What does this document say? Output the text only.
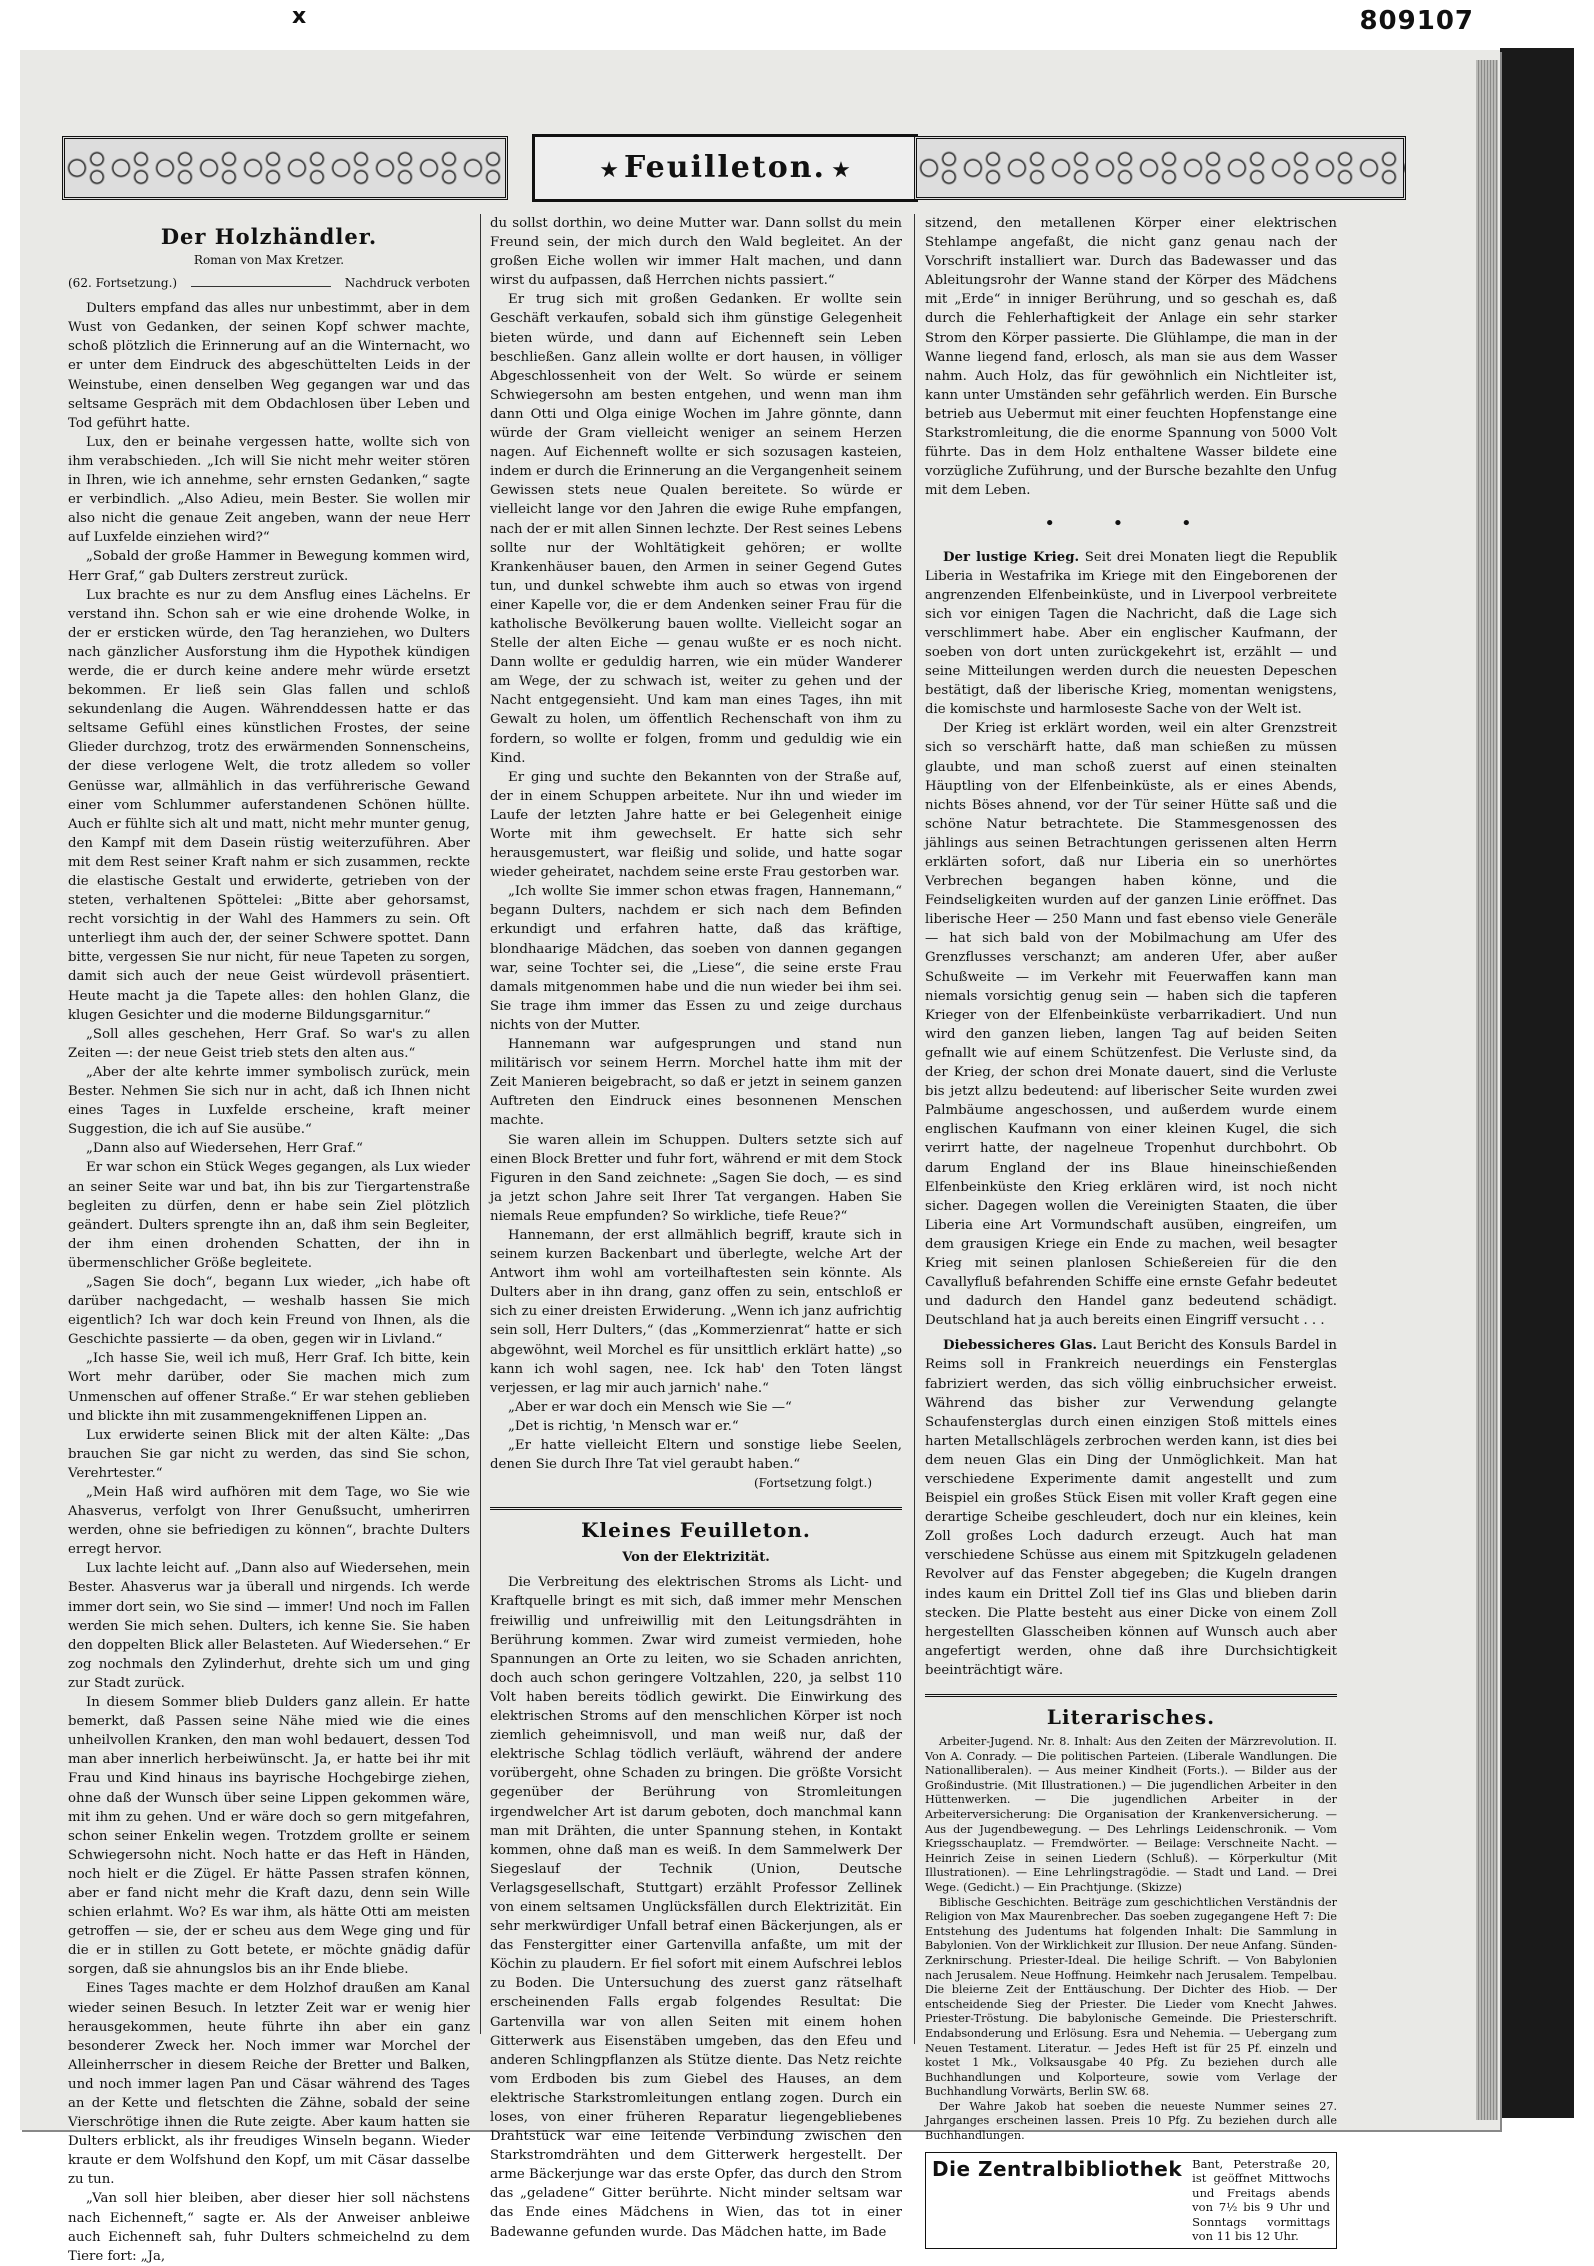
x	809107
★ Feuilleton. ★
Der Holzhändler.
Roman von Max Kretzer.
(62. Fortsetzung.)	Nachdruck verboten

Dulters empfand das alles nur unbestimmt, aber in dem Wust von Gedanken, der seinen Kopf schwer machte, schoß plötzlich die Erinnerung auf an die Winternacht, wo er unter dem Eindruck des abgeschüttelten Leids in der Weinstube, einen denselben Weg gegangen war und das seltsame Gespräch mit dem Obdachlosen über Leben und Tod geführt hatte.

Lux, den er beinahe vergessen hatte, wollte sich von ihm verabschieden. „Ich will Sie nicht mehr weiter stören in Ihren, wie ich annehme, sehr ernsten Gedanken,“ sagte er verbindlich. „Also Adieu, mein Bester. Sie wollen mir also nicht die genaue Zeit angeben, wann der neue Herr auf Luxfelde einziehen wird?“

„Sobald der große Hammer in Bewegung kommen wird, Herr Graf,“ gab Dulters zerstreut zurück.

Lux brachte es nur zu dem Ansflug eines Lächelns. Er verstand ihn. Schon sah er wie eine drohende Wolke, in der er ersticken würde, den Tag heranziehen, wo Dulters nach gänzlicher Ausforstung ihm die Hypothek kündigen werde, die er durch keine andere mehr würde ersetzt bekommen. Er ließ sein Glas fallen und schloß sekundenlang die Augen. Währenddessen hatte er das seltsame Gefühl eines künstlichen Frostes, der seine Glieder durchzog, trotz des erwärmenden Sonnenscheins, der diese verlogene Welt, die trotz alledem so voller Genüsse war, allmählich in das verführerische Gewand einer vom Schlummer auferstandenen Schönen hüllte. Auch er fühlte sich alt und matt, nicht mehr munter genug, den Kampf mit dem Dasein rüstig weiterzuführen. Aber mit dem Rest seiner Kraft nahm er sich zusammen, reckte die elastische Gestalt und erwiderte, getrieben von der steten, verhaltenen Spöttelei: „Bitte aber gehorsamst, recht vorsichtig in der Wahl des Hammers zu sein. Oft unterliegt ihm auch der, der seiner Schwere spottet. Dann bitte, vergessen Sie nur nicht, für neue Tapeten zu sorgen, damit sich auch der neue Geist würdevoll präsentiert. Heute macht ja die Tapete alles: den hohlen Glanz, die klugen Gesichter und die moderne Bildungsgarnitur.“

„Soll alles geschehen, Herr Graf. So war's zu allen Zeiten —: der neue Geist trieb stets den alten aus.“

„Aber der alte kehrte immer symbolisch zurück, mein Bester. Nehmen Sie sich nur in acht, daß ich Ihnen nicht eines Tages in Luxfelde erscheine, kraft meiner Suggestion, die ich auf Sie ausübe.“

„Dann also auf Wiedersehen, Herr Graf.“

Er war schon ein Stück Weges gegangen, als Lux wieder an seiner Seite war und bat, ihn bis zur Tiergartenstraße begleiten zu dürfen, denn er habe sein Ziel plötzlich geändert. Dulters sprengte ihn an, daß ihm sein Begleiter, der ihm einen drohenden Schatten, der ihn in übermenschlicher Größe begleitete.

„Sagen Sie doch“, begann Lux wieder, „ich habe oft darüber nachgedacht, — weshalb hassen Sie mich eigentlich? Ich war doch kein Freund von Ihnen, als die Geschichte passierte — da oben, gegen wir in Livland.“

„Ich hasse Sie, weil ich muß, Herr Graf. Ich bitte, kein Wort mehr darüber, oder Sie machen mich zum Unmenschen auf offener Straße.“ Er war stehen geblieben und blickte ihn mit zusammengekniffenen Lippen an.

Lux erwiderte seinen Blick mit der alten Kälte: „Das brauchen Sie gar nicht zu werden, das sind Sie schon, Verehrtester.“

„Mein Haß wird aufhören mit dem Tage, wo Sie wie Ahasverus, verfolgt von Ihrer Genußsucht, umherirren werden, ohne sie befriedigen zu können“, brachte Dulters erregt hervor.

Lux lachte leicht auf. „Dann also auf Wiedersehen, mein Bester. Ahasverus war ja überall und nirgends. Ich werde immer dort sein, wo Sie sind — immer! Und noch im Fallen werden Sie mich sehen. Dulters, ich kenne Sie. Sie haben den doppelten Blick aller Belasteten. Auf Wiedersehen.“ Er zog nochmals den Zylinderhut, drehte sich um und ging zur Stadt zurück.

In diesem Sommer blieb Dulders ganz allein. Er hatte bemerkt, daß Passen seine Nähe mied wie die eines unheilvollen Kranken, den man wohl bedauert, dessen Tod man aber innerlich herbeiwünscht. Ja, er hatte bei ihr mit Frau und Kind hinaus ins bayrische Hochgebirge ziehen, ohne daß der Wunsch über seine Lippen gekommen wäre, mit ihm zu gehen. Und er wäre doch so gern mitgefahren, schon seiner Enkelin wegen. Trotzdem grollte er seinem Schwiegersohn nicht. Noch hatte er das Heft in Händen, noch hielt er die Zügel. Er hätte Passen strafen können, aber er fand nicht mehr die Kraft dazu, denn sein Wille schien erlahmt. Wo? Es war ihm, als hätte Otti am meisten getroffen — sie, der er scheu aus dem Wege ging und für die er in stillen zu Gott betete, er möchte gnädig dafür sorgen, daß sie ahnungslos bis an ihr Ende bliebe.

Eines Tages machte er dem Holzhof draußen am Kanal wieder seinen Besuch. In letzter Zeit war er wenig hier herausgekommen, heute führte ihn aber ein ganz besonderer Zweck her. Noch immer war Morchel der Alleinherrscher in diesem Reiche der Bretter und Balken, und noch immer lagen Pan und Cäsar während des Tages an der Kette und fletschten die Zähne, sobald der seine Vierschrötige ihnen die Rute zeigte. Aber kaum hatten sie Dulters erblickt, als ihr freudiges Winseln begann. Wieder kraute er dem Wolfshund den Kopf, um mit Cäsar dasselbe zu tun.

„Van soll hier bleiben, aber dieser hier soll nächstens nach Eichenneft,“ sagte er. Als der Anweiser anbleiwe auch Eichenneft sah, fuhr Dulters schmeichelnd zu dem Tiere fort: „Ja,

du sollst dorthin, wo deine Mutter war. Dann sollst du mein Freund sein, der mich durch den Wald begleitet. An der großen Eiche wollen wir immer Halt machen, und dann wirst du aufpassen, daß Herrchen nichts passiert.“

Er trug sich mit großen Gedanken. Er wollte sein Geschäft verkaufen, sobald sich ihm günstige Gelegenheit bieten würde, und dann auf Eichenneft sein Leben beschließen. Ganz allein wollte er dort hausen, in völliger Abgeschlossenheit von der Welt. So würde er seinem Schwiegersohn am besten entgehen, und wenn man ihm dann Otti und Olga einige Wochen im Jahre gönnte, dann würde der Gram vielleicht weniger an seinem Herzen nagen. Auf Eichenneft wollte er sich sozusagen kasteien, indem er durch die Erinnerung an die Vergangenheit seinem Gewissen stets neue Qualen bereitete. So würde er vielleicht lange vor den Jahren die ewige Ruhe empfangen, nach der er mit allen Sinnen lechzte. Der Rest seines Lebens sollte nur der Wohltätigkeit gehören; er wollte Krankenhäuser bauen, den Armen in seiner Gegend Gutes tun, und dunkel schwebte ihm auch so etwas von irgend einer Kapelle vor, die er dem Andenken seiner Frau für die katholische Bevölkerung bauen wollte. Vielleicht sogar an Stelle der alten Eiche — genau wußte er es noch nicht. Dann wollte er geduldig harren, wie ein müder Wanderer am Wege, der zu schwach ist, weiter zu gehen und der Nacht entgegensieht. Und kam man eines Tages, ihn mit Gewalt zu holen, um öffentlich Rechenschaft von ihm zu fordern, so wollte er folgen, fromm und geduldig wie ein Kind.

Er ging und suchte den Bekannten von der Straße auf, der in einem Schuppen arbeitete. Nur ihn und wieder im Laufe der letzten Jahre hatte er bei Gelegenheit einige Worte mit ihm gewechselt. Er hatte sich sehr herausgemustert, war fleißig und solide, und hatte sogar wieder geheiratet, nachdem seine erste Frau gestorben war.

„Ich wollte Sie immer schon etwas fragen, Hannemann,“ begann Dulters, nachdem er sich nach dem Befinden erkundigt und erfahren hatte, daß das kräftige, blondhaarige Mädchen, das soeben von dannen gegangen war, seine Tochter sei, die „Liese“, die seine erste Frau damals mitgenommen habe und die nun wieder bei ihm sei. Sie trage ihm immer das Essen zu und zeige durchaus nichts von der Mutter.

Hannemann war aufgesprungen und stand nun militärisch vor seinem Herrn. Morchel hatte ihm mit der Zeit Manieren beigebracht, so daß er jetzt in seinem ganzen Auftreten den Eindruck eines besonnenen Menschen machte.

Sie waren allein im Schuppen. Dulters setzte sich auf einen Block Bretter und fuhr fort, während er mit dem Stock Figuren in den Sand zeichnete: „Sagen Sie doch, — es sind ja jetzt schon Jahre seit Ihrer Tat vergangen. Haben Sie niemals Reue empfunden? So wirkliche, tiefe Reue?“

Hannemann, der erst allmählich begriff, kraute sich in seinem kurzen Backenbart und überlegte, welche Art der Antwort ihm wohl am vorteilhaftesten sein könnte. Als Dulters aber in ihn drang, ganz offen zu sein, entschloß er sich zu einer dreisten Erwiderung. „Wenn ich janz aufrichtig sein soll, Herr Dulters,“ (das „Kommerzienrat“ hatte er sich abgewöhnt, weil Morchel es für unsittlich erklärt hatte) „so kann ich wohl sagen, nee. Ick hab' den Toten längst verjessen, er lag mir auch jarnich' nahe.“

„Aber er war doch ein Mensch wie Sie —“

„Det is richtig, 'n Mensch war er.“

„Er hatte vielleicht Eltern und sonstige liebe Seelen, denen Sie durch Ihre Tat viel geraubt haben.“

(Fortsetzung folgt.)
Kleines Feuilleton.
Von der Elektrizität.

Die Verbreitung des elektrischen Stroms als Licht- und Kraftquelle bringt es mit sich, daß immer mehr Menschen freiwillig und unfreiwillig mit den Leitungsdrähten in Berührung kommen. Zwar wird zumeist vermieden, hohe Spannungen an Orte zu leiten, wo sie Schaden anrichten, doch auch schon geringere Voltzahlen, 220, ja selbst 110 Volt haben bereits tödlich gewirkt. Die Einwirkung des elektrischen Stroms auf den menschlichen Körper ist noch ziemlich geheimnisvoll, und man weiß nur, daß der elektrische Schlag tödlich verläuft, während der andere vorübergeht, ohne Schaden zu bringen. Die größte Vorsicht gegenüber der Berührung von Stromleitungen irgendwelcher Art ist darum geboten, doch manchmal kann man mit Drähten, die unter Spannung stehen, in Kontakt kommen, ohne daß man es weiß. In dem Sammelwerk Der Siegeslauf der Technik (Union, Deutsche Verlagsgesellschaft, Stuttgart) erzählt Professor Zellinek von einem seltsamen Unglücksfällen durch Elektrizität. Ein sehr merkwürdiger Unfall betraf einen Bäckerjungen, als er das Fenstergitter einer Gartenvilla anfaßte, um mit der Köchin zu plaudern. Er fiel sofort mit einem Aufschrei leblos zu Boden. Die Untersuchung des zuerst ganz rätselhaft erscheinenden Falls ergab folgendes Resultat: Die Gartenvilla war von allen Seiten mit einem hohen Gitterwerk aus Eisenstäben umgeben, das den Efeu und anderen Schlingpflanzen als Stütze diente. Das Netz reichte vom Erdboden bis zum Giebel des Hauses, an dem elektrische Starkstromleitungen entlang zogen. Durch ein loses, von einer früheren Reparatur liegengebliebenes Drahtstück war eine leitende Verbindung zwischen den Starkstromdrähten und dem Gitterwerk hergestellt. Der arme Bäckerjunge war das erste Opfer, das durch den Strom das „geladene“ Gitter berührte. Nicht minder seltsam war das Ende eines Mädchens in Wien, das tot in einer Badewanne gefunden wurde. Das Mädchen hatte, im Bade

sitzend, den metallenen Körper einer elektrischen Stehlampe angefaßt, die nicht ganz genau nach der Vorschrift installiert war. Durch das Badewasser und das Ableitungsrohr der Wanne stand der Körper des Mädchens mit „Erde“ in inniger Berührung, und so geschah es, daß durch die Fehlerhaftigkeit der Anlage ein sehr starker Strom den Körper passierte. Die Glühlampe, die man in der Wanne liegend fand, erlosch, als man sie aus dem Wasser nahm. Auch Holz, das für gewöhnlich ein Nichtleiter ist, kann unter Umständen sehr gefährlich werden. Ein Bursche betrieb aus Uebermut mit einer feuchten Hopfenstange eine Starkstromleitung, die die enorme Spannung von 5000 Volt führte. Das in dem Holz enthaltene Wasser bildete eine vorzügliche Zuführung, und der Bursche bezahlte den Unfug mit dem Leben.

• • •

Der lustige Krieg. Seit drei Monaten liegt die Republik Liberia in Westafrika im Kriege mit den Eingeborenen der angrenzenden Elfenbeinküste, und in Liverpool verbreitete sich vor einigen Tagen die Nachricht, daß die Lage sich verschlimmert habe. Aber ein englischer Kaufmann, der soeben von dort unten zurückgekehrt ist, erzählt — und seine Mitteilungen werden durch die neuesten Depeschen bestätigt, daß der liberische Krieg, momentan wenigstens, die komischste und harmloseste Sache von der Welt ist.

Der Krieg ist erklärt worden, weil ein alter Grenzstreit sich so verschärft hatte, daß man schießen zu müssen glaubte, und man schoß zuerst auf einen steinalten Häuptling von der Elfenbeinküste, als er eines Abends, nichts Böses ahnend, vor der Tür seiner Hütte saß und die schöne Natur betrachtete. Die Stammesgenossen des jählings aus seinen Betrachtungen gerissenen alten Herrn erklärten sofort, daß nur Liberia ein so unerhörtes Verbrechen begangen haben könne, und die Feindseligkeiten wurden auf der ganzen Linie eröffnet. Das liberische Heer — 250 Mann und fast ebenso viele Generäle — hat sich bald von der Mobilmachung am Ufer des Grenzflusses verschanzt; am anderen Ufer, aber außer Schußweite — im Verkehr mit Feuerwaffen kann man niemals vorsichtig genug sein — haben sich die tapferen Krieger von der Elfenbeinküste verbarrikadiert. Und nun wird den ganzen lieben, langen Tag auf beiden Seiten gefnallt wie auf einem Schützenfest. Die Verluste sind, da der Krieg, der schon drei Monate dauert, sind die Verluste bis jetzt allzu bedeutend: auf liberischer Seite wurden zwei Palmbäume angeschossen, und außerdem wurde einem englischen Kaufmann von einer kleinen Kugel, die sich verirrt hatte, der nagelneue Tropenhut durchbohrt. Ob darum England der ins Blaue hineinschießenden Elfenbeinküste den Krieg erklären wird, ist noch nicht sicher. Dagegen wollen die Vereinigten Staaten, die über Liberia eine Art Vormundschaft ausüben, eingreifen, um dem grausigen Kriege ein Ende zu machen, weil besagter Krieg mit seinen planlosen Schießereien für die den Cavallyfluß befahrenden Schiffe eine ernste Gefahr bedeutet und dadurch den Handel ganz bedeutend schädigt. Deutschland hat ja auch bereits einen Eingriff versucht . . .

Diebessicheres Glas. Laut Bericht des Konsuls Bardel in Reims soll in Frankreich neuerdings ein Fensterglas fabriziert werden, das sich völlig einbruchsicher erweist. Während das bisher zur Verwendung gelangte Schaufensterglas durch einen einzigen Stoß mittels eines harten Metallschlägels zerbrochen werden kann, ist dies bei dem neuen Glas ein Ding der Unmöglichkeit. Man hat verschiedene Experimente damit angestellt und zum Beispiel ein großes Stück Eisen mit voller Kraft gegen eine derartige Scheibe geschleudert, doch nur ein kleines, kein Zoll großes Loch dadurch erzeugt. Auch hat man verschiedene Schüsse aus einem mit Spitzkugeln geladenen Revolver auf das Fenster abgegeben; die Kugeln drangen indes kaum ein Drittel Zoll tief ins Glas und blieben darin stecken. Die Platte besteht aus einer Dicke von einem Zoll hergestellten Glasscheiben können auf Wunsch auch aber angefertigt werden, ohne daß ihre Durchsichtigkeit beeinträchtigt wäre.

Literarisches.

Arbeiter-Jugend. Nr. 8. Inhalt: Aus den Zeiten der Märzrevolution. II. Von A. Conrady. — Die politischen Parteien. (Liberale Wandlungen. Die Nationalliberalen). — Aus meiner Kindheit (Forts.). — Bilder aus der Großindustrie. (Mit Illustrationen.) — Die jugendlichen Arbeiter in den Hüttenwerken. — Die jugendlichen Arbeiter in der Arbeiterversicherung: Die Organisation der Krankenversicherung. — Aus der Jugendbewegung. — Des Lehrlings Leidenschronik. — Vom Kriegsschauplatz. — Fremdwörter. — Beilage: Verschneite Nacht. — Heinrich Zeise in seinen Liedern (Schluß). — Körperkultur (Mit Illustrationen). — Eine Lehrlingstragödie. — Stadt und Land. — Drei Wege. (Gedicht.) — Ein Prachtjunge. (Skizze)

Biblische Geschichten. Beiträge zum geschichtlichen Verständnis der Religion von Max Maurenbrecher. Das soeben zugegangene Heft 7: Die Entstehung des Judentums hat folgenden Inhalt: Die Sammlung in Babylonien. Von der Wirklichkeit zur Illusion. Der neue Anfang. Sünden-Zerknirschung. Priester-Ideal. Die heilige Schrift. — Von Babylonien nach Jerusalem. Neue Hoffnung. Heimkehr nach Jerusalem. Tempelbau. Die bleierne Zeit der Enttäuschung. Der Dichter des Hiob. — Der entscheidende Sieg der Priester. Die Lieder vom Knecht Jahwes. Priester-Tröstung. Die babylonische Gemeinde. Die Priesterschrift. Endabsonderung und Erlösung. Esra und Nehemia. — Uebergang zum Neuen Testament. Literatur. — Jedes Heft ist für 25 Pf. einzeln und kostet 1 Mk., Volksausgabe 40 Pfg. Zu beziehen durch alle Buchhandlungen und Kolporteure, sowie vom Verlage der Buchhandlung Vorwärts, Berlin SW. 68.

Der Wahre Jakob hat soeben die neueste Nummer seines 27. Jahrganges erscheinen lassen. Preis 10 Pfg. Zu beziehen durch alle Buchhandlungen.

Die Zentralbibliothek Bant, Peterstraße 20, ist geöffnet Mittwochs und Freitags abends von 7½ bis 9 Uhr und Sonntags vormittags von 11 bis 12 Uhr.
